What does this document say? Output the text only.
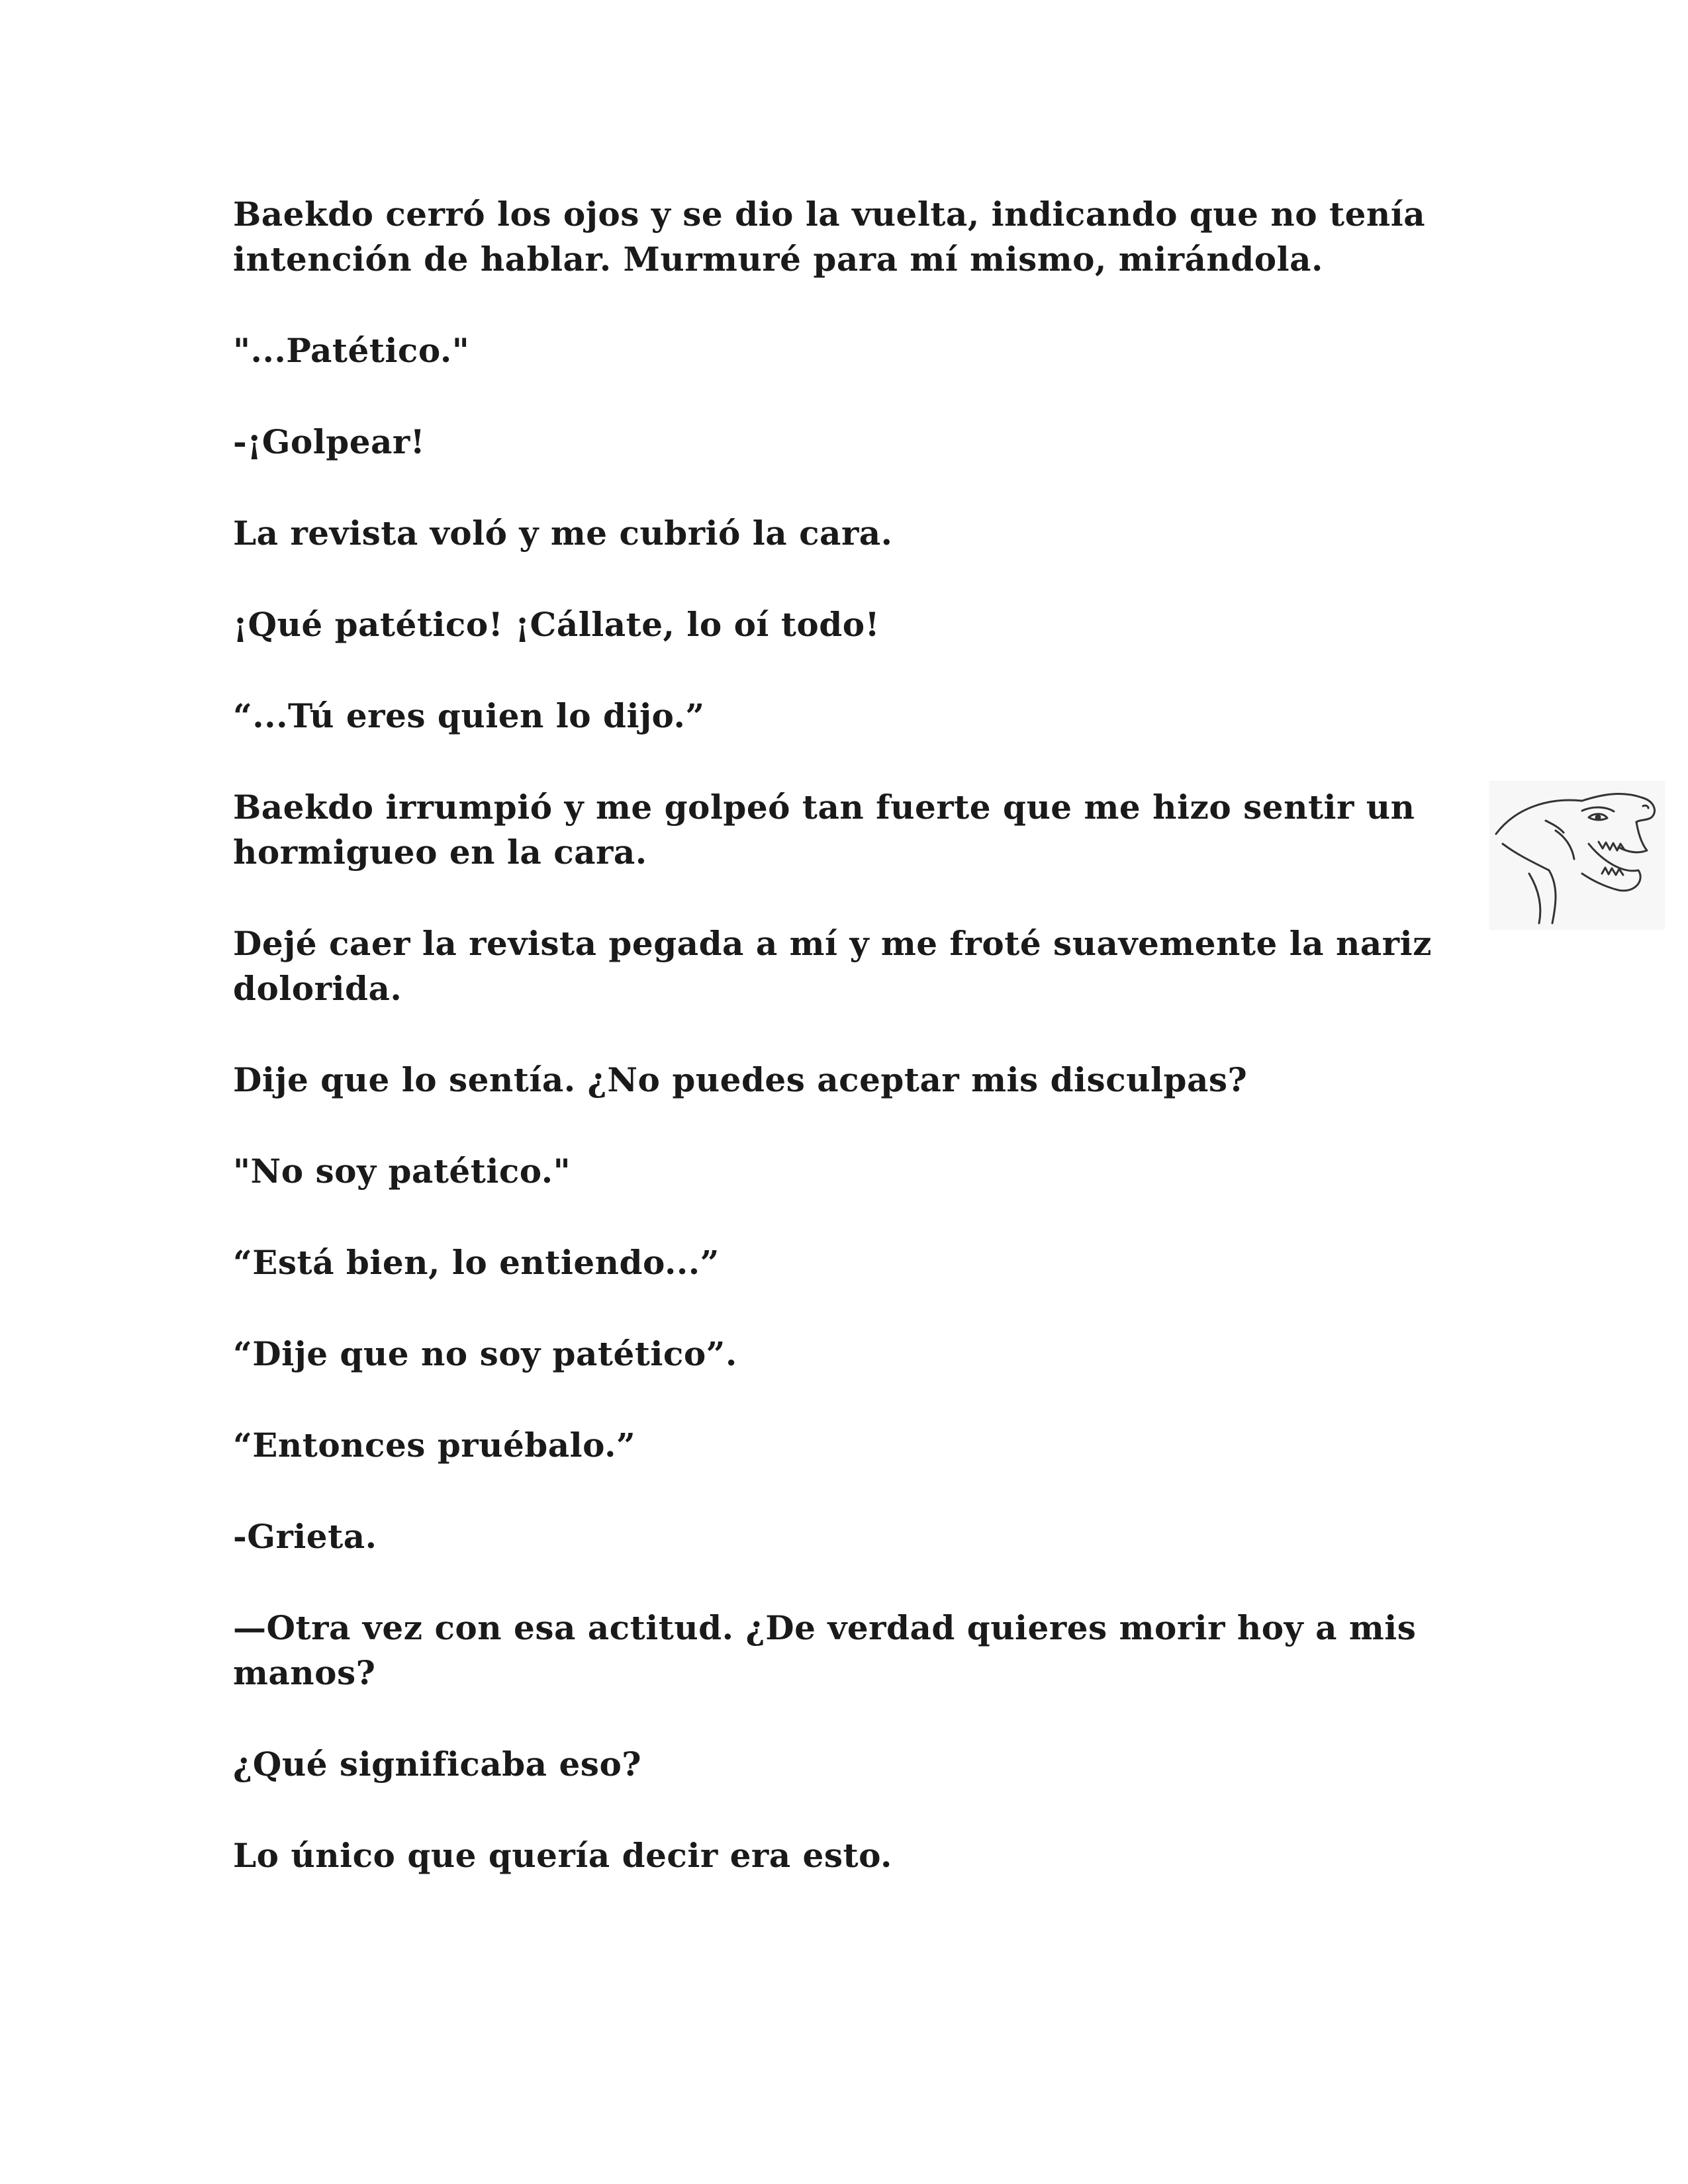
Baekdo cerró los ojos y se dio la vuelta, indicando que no tenía intención de hablar. Murmuré para mí mismo, mirándola.

"...Patético."

-¡Golpear!

La revista voló y me cubrió la cara.

¡Qué patético! ¡Cállate, lo oí todo!

“...Tú eres quien lo dijo.”

Baekdo irrumpió y me golpeó tan fuerte que me hizo sentir un hormigueo en la cara.

Dejé caer la revista pegada a mí y me froté suavemente la nariz dolorida.

Dije que lo sentía. ¿No puedes aceptar mis disculpas?

"No soy patético."

“Está bien, lo entiendo...”

“Dije que no soy patético”.

“Entonces pruébalo.”

-Grieta.

—Otra vez con esa actitud. ¿De verdad quieres morir hoy a mis manos?

¿Qué significaba eso?

Lo único que quería decir era esto.
